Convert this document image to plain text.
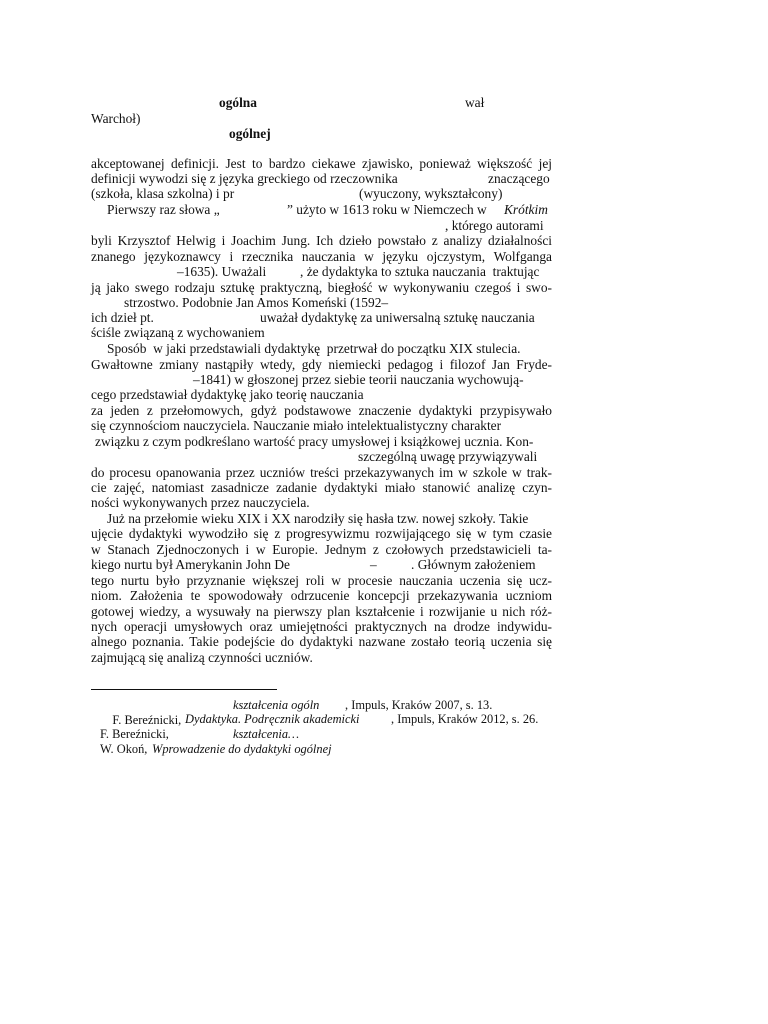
ogólna	wał
Warchoł)
ogólnej
akceptowanej definicji. Jest to bardzo ciekawe zjawisko, ponieważ większość jej
definicji wywodzi się z języka greckiego od rzeczownika	znaczącego
(szkoła, klasa szkolna) i pr	(wyuczony, wykształcony)
Pierwszy raz słowa „	” użyto w 1613 roku w Niemczech w Krótkim
, którego autorami
byli Krzysztof Helwig i Joachim Jung. Ich dzieło powstało z analizy działalności
znanego językoznawcy i rzecznika nauczania w języku ojczystym, Wolfganga
–1635). Uważali	, że dydaktyka to sztuka nauczania  traktując
ją jako swego rodzaju sztukę praktyczną, biegłość w wykonywaniu czegoś i swo-
strzostwo. Podobnie Jan Amos Komeński (1592–
ich dzieł pt.	uważał dydaktykę za uniwersalną sztukę nauczania
ściśle związaną z wychowaniem
Sposób  w jaki przedstawiali dydaktykę  przetrwał do początku XIX stulecia.
Gwałtowne zmiany nastąpiły wtedy, gdy niemiecki pedagog i filozof Jan Fryde-
–1841) w głoszonej przez siebie teorii nauczania wychowują-
cego przedstawiał dydaktykę jako teorię nauczania
za jeden z przełomowych, gdyż podstawowe znaczenie dydaktyki przypisywało
się czynnościom nauczyciela. Nauczanie miało intelektualistyczny charakter
związku z czym podkreślano wartość pracy umysłowej i książkowej ucznia. Kon-
szczególną uwagę przywiązywali
do procesu opanowania przez uczniów treści przekazywanych im w szkole w trak-
cie zajęć, natomiast zasadnicze zadanie dydaktyki miało stanowić analizę czyn-
ności wykonywanych przez nauczyciela.
Już na przełomie wieku XIX i XX narodziły się hasła tzw. nowej szkoły. Takie
ujęcie dydaktyki wywodziło się z progresywizmu rozwijającego się w tym czasie
w Stanach Zjednoczonych i w Europie. Jednym z czołowych przedstawicieli ta-
kiego nurtu był Amerykanin John De	–	. Głównym założeniem
tego nurtu było przyznanie większej roli w procesie nauczania uczenia się ucz-
niom. Założenia te spowodowały odrzucenie koncepcji przekazywania uczniom
gotowej wiedzy, a wysuwały na pierwszy plan kształcenie i rozwijanie u nich róż-
nych operacji umysłowych oraz umiejętności praktycznych na drodze indywidu-
alnego poznania. Takie podejście do dydaktyki nazwane zostało teorią uczenia się
zajmującą się analizą czynności uczniów.

F. Bereźnicki,

kształcenia ogóln , Impuls, Kraków 2007, s. 13.
Dydaktyka. Podręcznik akademicki	, Impuls, Kraków 2012, s. 26.
F. Bereźnicki,	kształcenia…
W. Okoń, Wprowadzenie do dydaktyki ogólnej
